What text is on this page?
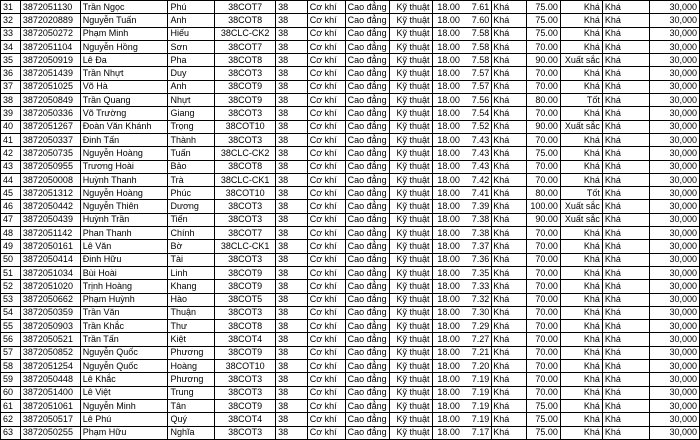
31	3872051130	Trần Ngọc	Phú	38COT7	38	Cơ khí	Cao đẳng	Kỹ thuật	18.00	7.61	Khá	75.00	Khá	Khá	30,000
32	3872020889	Nguyễn Tuấn	Anh	38COT8	38	Cơ khí	Cao đẳng	Kỹ thuật	18.00	7.60	Khá	75.00	Khá	Khá	30,000
33	3872050272	Phạm Minh	Hiếu	38CLC-CK2	38	Cơ khí	Cao đẳng	Kỹ thuật	18.00	7.58	Khá	75.00	Khá	Khá	30,000
34	3872051104	Nguyễn Hồng	Sơn	38COT7	38	Cơ khí	Cao đẳng	Kỹ thuật	18.00	7.58	Khá	70.00	Khá	Khá	30,000
35	3872050919	Lê Đa	Pha	38COT8	38	Cơ khí	Cao đẳng	Kỹ thuật	18.00	7.58	Khá	90.00	Xuất sắc	Khá	30,000
36	3872051439	Trần Nhựt	Duy	38COT3	38	Cơ khí	Cao đẳng	Kỹ thuật	18.00	7.57	Khá	70.00	Khá	Khá	30,000
37	3872051025	Võ Hà	Anh	38COT9	38	Cơ khí	Cao đẳng	Kỹ thuật	18.00	7.57	Khá	70.00	Khá	Khá	30,000
38	3872050849	Trần Quang	Nhựt	38COT9	38	Cơ khí	Cao đẳng	Kỹ thuật	18.00	7.56	Khá	80.00	Tốt	Khá	30,000
39	3872050336	Võ Trường	Giang	38COT3	38	Cơ khí	Cao đẳng	Kỹ thuật	18.00	7.54	Khá	70.00	Khá	Khá	30,000
40	3872051267	Đoàn Văn Khánh	Trọng	38COT10	38	Cơ khí	Cao đẳng	Kỹ thuật	18.00	7.52	Khá	90.00	Xuất sắc	Khá	30,000
41	3872050337	Đinh Tấn	Thành	38COT3	38	Cơ khí	Cao đẳng	Kỹ thuật	18.00	7.43	Khá	70.00	Khá	Khá	30,000
42	3872050735	Nguyễn Hoàng	Tuấn	38CLC-CK2	38	Cơ khí	Cao đẳng	Kỹ thuật	18.00	7.43	Khá	75.00	Khá	Khá	30,000
43	3872050955	Trương Hoài	Bảo	38COT8	38	Cơ khí	Cao đẳng	Kỹ thuật	18.00	7.43	Khá	70.00	Khá	Khá	30,000
44	3872050008	Huỳnh Thanh	Trà	38CLC-CK1	38	Cơ khí	Cao đẳng	Kỹ thuật	18.00	7.42	Khá	70.00	Khá	Khá	30,000
45	3872051312	Nguyễn Hoàng	Phúc	38COT10	38	Cơ khí	Cao đẳng	Kỹ thuật	18.00	7.41	Khá	80.00	Tốt	Khá	30,000
46	3872050442	Nguyễn Thiên	Dương	38COT3	38	Cơ khí	Cao đẳng	Kỹ thuật	18.00	7.39	Khá	100.00	Xuất sắc	Khá	30,000
47	3872050439	Huỳnh Trần	Tiến	38COT3	38	Cơ khí	Cao đẳng	Kỹ thuật	18.00	7.38	Khá	90.00	Xuất sắc	Khá	30,000
48	3872051142	Phan Thanh	Chính	38COT7	38	Cơ khí	Cao đẳng	Kỹ thuật	18.00	7.38	Khá	70.00	Khá	Khá	30,000
49	3872050161	Lê Văn	Bờ	38CLC-CK1	38	Cơ khí	Cao đẳng	Kỹ thuật	18.00	7.37	Khá	70.00	Khá	Khá	30,000
50	3872050414	Đinh Hữu	Tài	38COT3	38	Cơ khí	Cao đẳng	Kỹ thuật	18.00	7.36	Khá	70.00	Khá	Khá	30,000
51	3872051034	Bùi Hoài	Linh	38COT9	38	Cơ khí	Cao đẳng	Kỹ thuật	18.00	7.35	Khá	70.00	Khá	Khá	30,000
52	3872051020	Trịnh Hoàng	Khang	38COT9	38	Cơ khí	Cao đẳng	Kỹ thuật	18.00	7.33	Khá	70.00	Khá	Khá	30,000
53	3872050662	Phạm Huỳnh	Hào	38COT5	38	Cơ khí	Cao đẳng	Kỹ thuật	18.00	7.32	Khá	70.00	Khá	Khá	30,000
54	3872050359	Trần Văn	Thuận	38COT3	38	Cơ khí	Cao đẳng	Kỹ thuật	18.00	7.30	Khá	70.00	Khá	Khá	30,000
55	3872050903	Trần Khắc	Thư	38COT8	38	Cơ khí	Cao đẳng	Kỹ thuật	18.00	7.29	Khá	70.00	Khá	Khá	30,000
56	3872050521	Trần Tấn	Kiệt	38COT4	38	Cơ khí	Cao đẳng	Kỹ thuật	18.00	7.27	Khá	70.00	Khá	Khá	30,000
57	3872050852	Nguyễn Quốc	Phương	38COT9	38	Cơ khí	Cao đẳng	Kỹ thuật	18.00	7.21	Khá	70.00	Khá	Khá	30,000
58	3872051254	Nguyễn Quốc	Hoàng	38COT10	38	Cơ khí	Cao đẳng	Kỹ thuật	18.00	7.20	Khá	70.00	Khá	Khá	30,000
59	3872050448	Lê Khắc	Phương	38COT3	38	Cơ khí	Cao đẳng	Kỹ thuật	18.00	7.19	Khá	70.00	Khá	Khá	30,000
60	3872051400	Lê Việt	Trung	38COT3	38	Cơ khí	Cao đẳng	Kỹ thuật	18.00	7.19	Khá	70.00	Khá	Khá	30,000
61	3872051061	Nguyễn Minh	Tân	38COT9	38	Cơ khí	Cao đẳng	Kỹ thuật	18.00	7.19	Khá	75.00	Khá	Khá	30,000
62	3872050517	Lê Phú	Quý	38COT4	38	Cơ khí	Cao đẳng	Kỹ thuật	18.00	7.19	Khá	75.00	Khá	Khá	30,000
63	3872050255	Phạm Hữu	Nghĩa	38COT3	38	Cơ khí	Cao đẳng	Kỹ thuật	18.00	7.17	Khá	75.00	Khá	Khá	30,000
